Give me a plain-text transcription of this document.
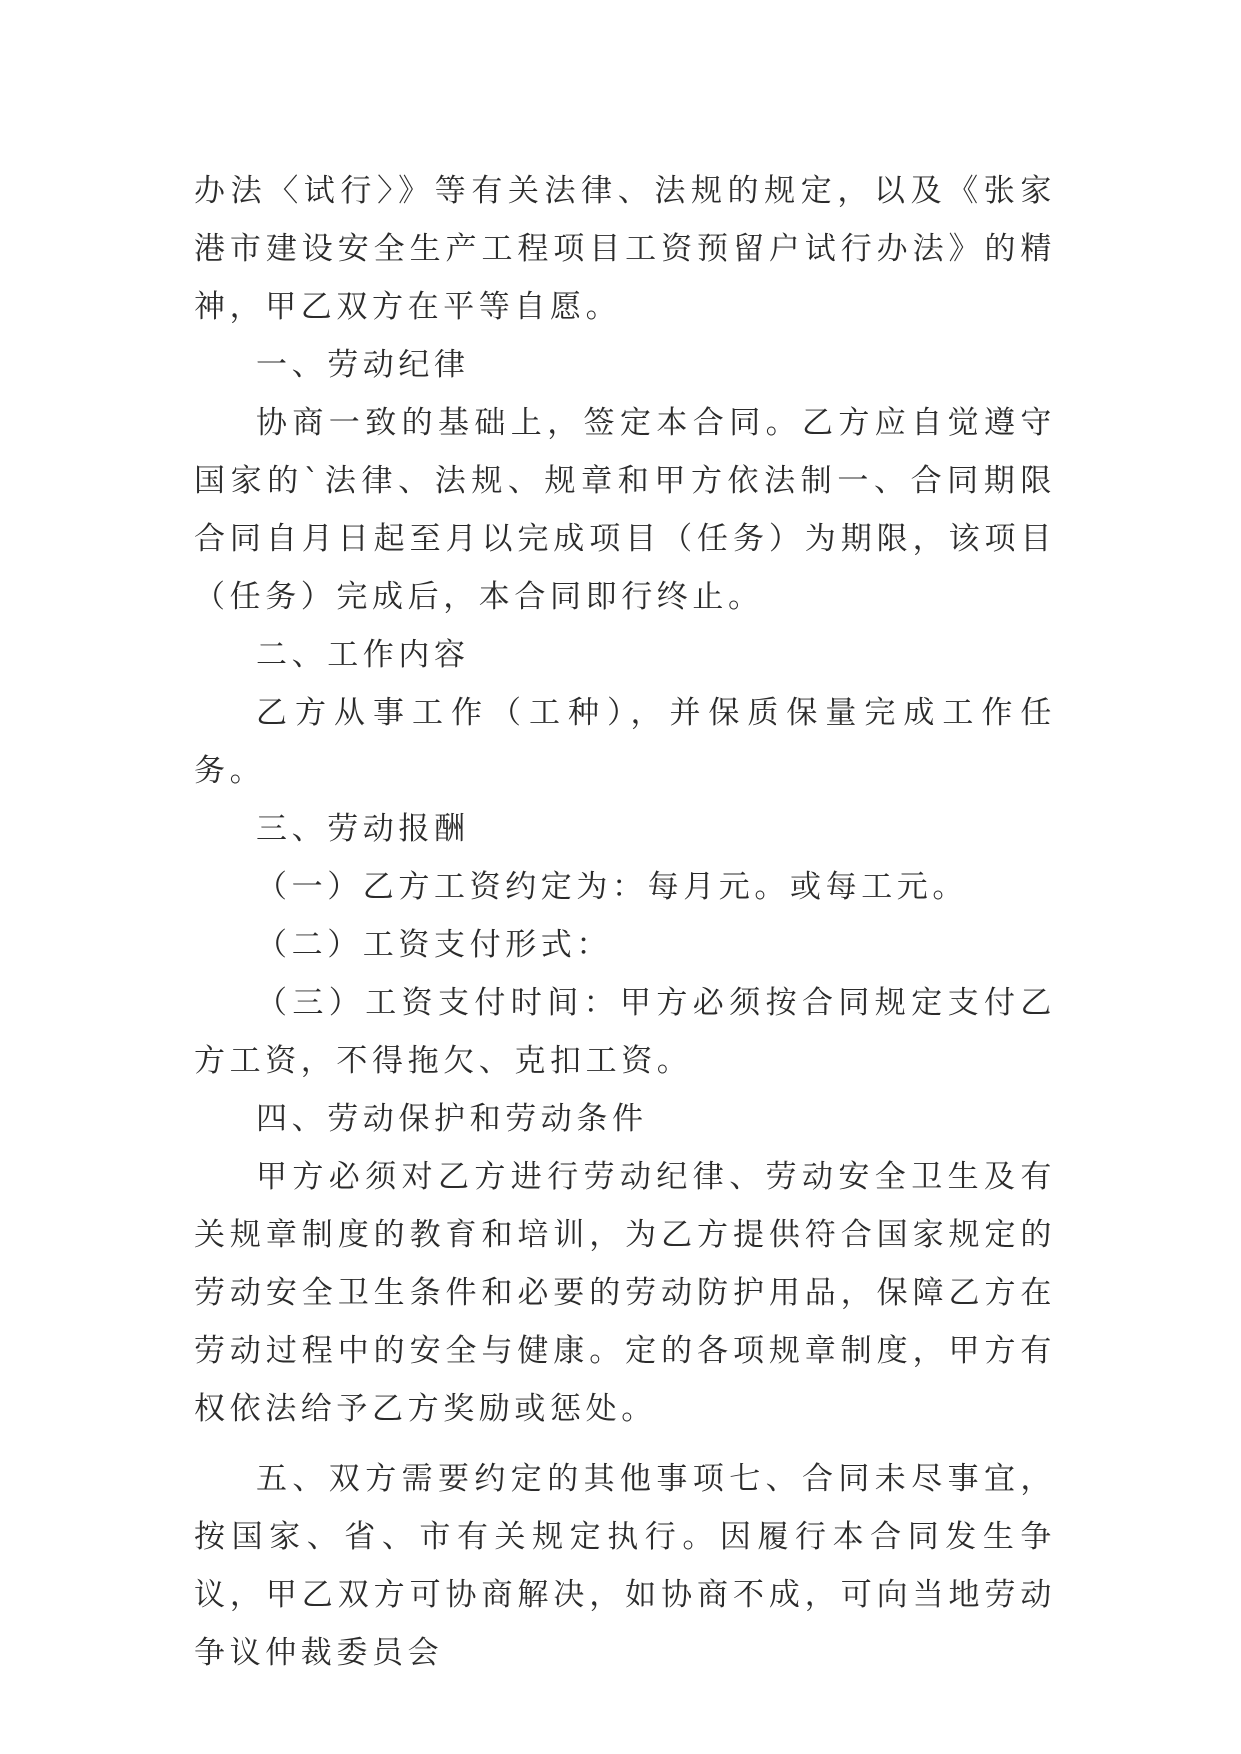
办法〈试行〉》等有关法律、法规的规定，以及《张家港市建设安全生产工程项目工资预留户试行办法》的精神，甲乙双方在平等自愿。

一、劳动纪律

协商一致的基础上，签定本合同。乙方应自觉遵守国家的`法律、法规、规章和甲方依法制一、合同期限合同自月日起至月以完成项目（任务）为期限，该项目（任务）完成后，本合同即行终止。

二、工作内容

乙方从事工作（工种），并保质保量完成工作任务。

三、劳动报酬

（一）乙方工资约定为：每月元。或每工元。

（二）工资支付形式：

（三）工资支付时间：甲方必须按合同规定支付乙方工资，不得拖欠、克扣工资。

四、劳动保护和劳动条件

甲方必须对乙方进行劳动纪律、劳动安全卫生及有关规章制度的教育和培训，为乙方提供符合国家规定的劳动安全卫生条件和必要的劳动防护用品，保障乙方在劳动过程中的安全与健康。定的各项规章制度，甲方有权依法给予乙方奖励或惩处。

五、双方需要约定的其他事项七、合同未尽事宜，按国家、省、市有关规定执行。因履行本合同发生争议，甲乙双方可协商解决，如协商不成，可向当地劳动争议仲裁委员会
